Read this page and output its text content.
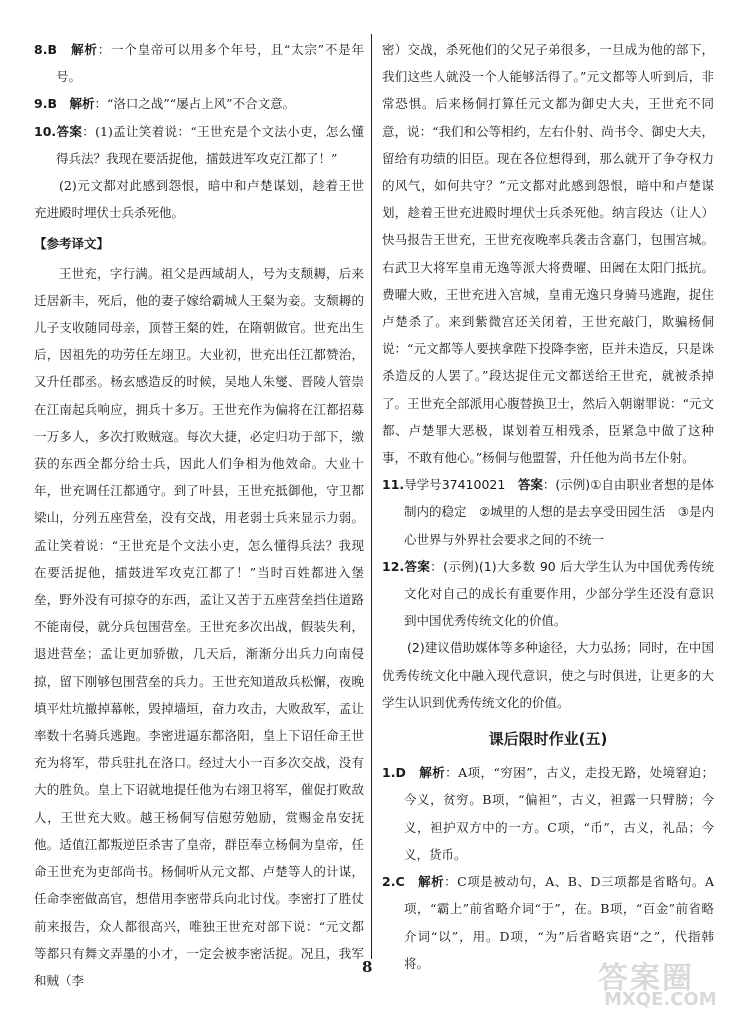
8.B　 解析：一个皇帝可以用多个年号，且“太宗”不是年号。

9.B　 解析：“洛口之战”“屡占上风”不合文意。

10.答案：(1)孟让笑着说：“王世充是个文法小吏，怎么懂得兵法？我现在要活捉他，擂鼓进军攻克江都了！”

(2)元文都对此感到怨恨，暗中和卢楚谋划，趁着王世充进殿时埋伏士兵杀死他。

【参考译文】

王世充，字行满。祖父是西域胡人，号为支颓耨，后来迁居新丰，死后，他的妻子嫁给霸城人王粲为妾。支颓耨的儿子支收随同母亲，顶替王粲的姓，在隋朝做官。世充出生后，因祖先的功劳任左翊卫。大业初，世充出任江都赞治，又升任郡丞。杨玄感造反的时候，吴地人朱燮、晋陵人管崇在江南起兵响应，拥兵十多万。王世充作为偏将在江都招募一万多人，多次打败贼寇。每次大捷，必定归功于部下，缴获的东西全都分给士兵，因此人们争相为他效命。大业十年，世充调任江都通守。到了叶县，王世充抵御他，守卫都梁山，分列五座营垒，没有交战，用老弱士兵来显示力弱。孟让笑着说：“王世充是个文法小吏，怎么懂得兵法？我现在要活捉他，擂鼓进军攻克江都了！”当时百姓都进入堡垒，野外没有可掠夺的东西，孟让又苦于五座营垒挡住道路不能南侵，就分兵包围营垒。王世充多次出战，假装失利，退进营垒；孟让更加骄傲，几天后，渐渐分出兵力向南侵掠，留下刚够包围营垒的兵力。王世充知道敌兵松懈，夜晚填平灶坑撤掉幕帐，毁掉墙垣，奋力攻击，大败敌军，孟让率数十名骑兵逃跑。李密进逼东都洛阳，皇上下诏任命王世充为将军，带兵驻扎在洛口。经过大小一百多次交战，没有大的胜负。皇上下诏就地提任他为右翊卫将军，催促打败敌人，王世充大败。越王杨侗写信慰劳勉励，赏赐金帛安抚他。适值江都叛逆臣杀害了皇帝，群臣奉立杨侗为皇帝，任命王世充为吏部尚书。杨侗听从元文都、卢楚等人的计谋，任命李密做高官，想借用李密带兵向北讨伐。李密打了胜仗前来报告，众人都很高兴，唯独王世充对部下说：“元文都等都只有舞文弄墨的小才，一定会被李密活捉。况且，我军和贼（李

密）交战，杀死他们的父兄子弟很多，一旦成为他的部下，我们这些人就没一个人能够活得了。”元文都等人听到后，非常恐惧。后来杨侗打算任元文都为御史大夫，王世充不同意，说：“我们和公等相约，左右仆射、尚书令、御史大夫，留给有功绩的旧臣。现在各位想得到，那么就开了争夺权力的风气，如何共守？”元文都对此感到怨恨，暗中和卢楚谋划，趁着王世充进殿时埋伏士兵杀死他。纳言段达（让人）快马报告王世充，王世充夜晚率兵袭击含嘉门，包围宫城。右武卫大将军皇甫无逸等派大将费曜、田阇在太阳门抵抗。费曜大败，王世充进入宫城，皇甫无逸只身骑马逃跑，捉住卢楚杀了。来到紫微宫还关闭着，王世充敲门，欺骗杨侗说：“元文都等人要挟拿陛下投降李密，臣并未造反，只是诛杀造反的人罢了。”段达捉住元文都送给王世充，就被杀掉了。王世充全部派用心腹替换卫士，然后入朝谢罪说：“元文都、卢楚罪大恶极，谋划着互相残杀，臣紧急中做了这种事，不敢有他心。”杨侗与他盟誓，升任他为尚书左仆射。

11.导学号37410021　 答案：(示例)①自由职业者想的是体制内的稳定　②城里的人想的是去享受田园生活　③是内心世界与外界社会要求之间的不统一

12.答案：(示例)(1)大多数 90 后大学生认为中国优秀传统文化对自己的成长有重要作用，少部分学生还没有意识到中国优秀传统文化的价值。

(2)建议借助媒体等多种途径，大力弘扬；同时，在中国优秀传统文化中融入现代意识，使之与时俱进，让更多的大学生认识到优秀传统文化的价值。

课后限时作业(五)

1.D　 解析：A项，“穷困”，古义，走投无路，处境窘迫；今义，贫穷。B项，“偏袒”，古义，袒露一只臂膀；今义，袒护双方中的一方。C项，“币”，古义，礼品；今义，货币。

2.C　 解析：C项是被动句，A、B、D三项都是省略句。A项，“霸上”前省略介词“于”，在。B项，“百金”前省略介词“以”，用。D项，“为”后省略宾语“之”，代指韩将。

8	答案圈
MXQE.COM
